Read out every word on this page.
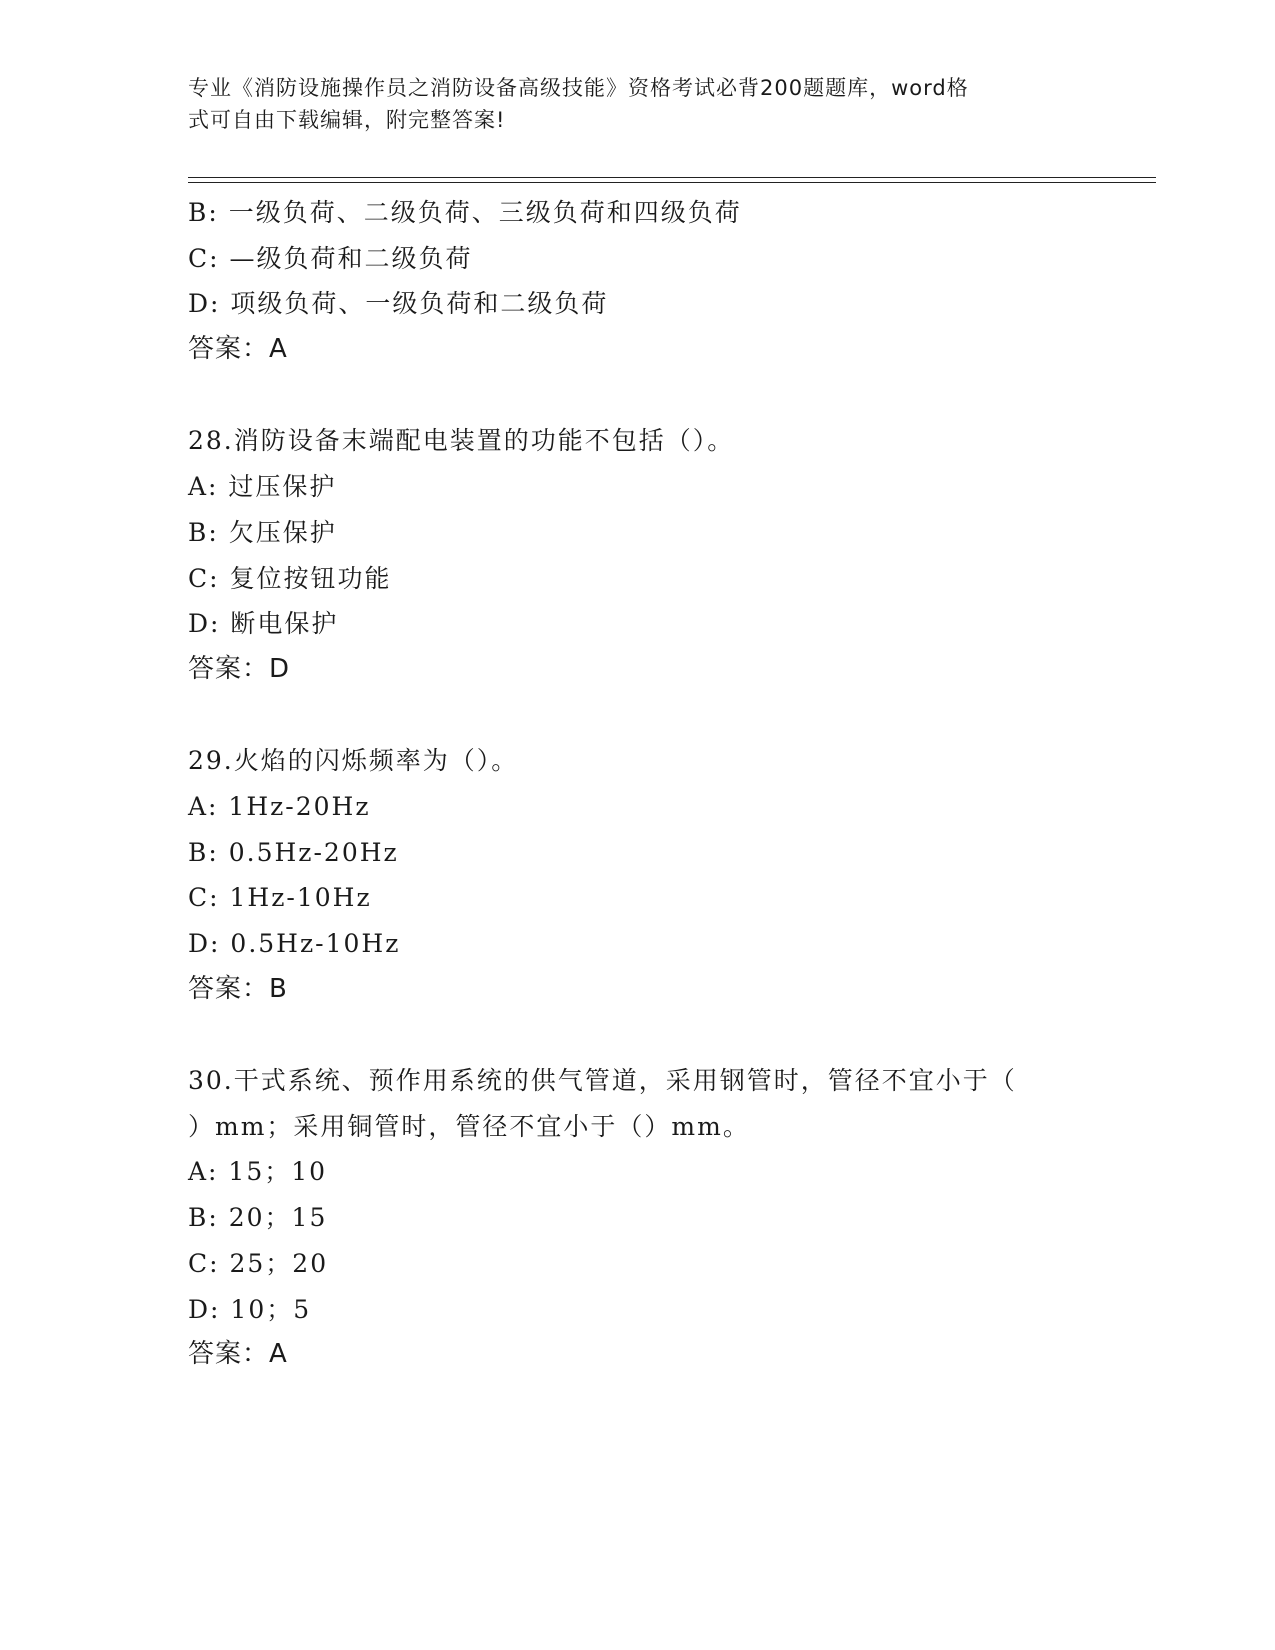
专业《消防设施操作员之消防设备高级技能》资格考试必背200题题库，word格
式可自由下载编辑，附完整答案!
B: 一级负荷、二级负荷、三级负荷和四级负荷
C: —级负荷和二级负荷
D: 项级负荷、一级负荷和二级负荷
答案：A
28.消防设备末端配电装置的功能不包括（）。
A: 过压保护
B: 欠压保护
C: 复位按钮功能
D: 断电保护
答案：D
29.火焰的闪烁频率为（）。
A: 1Hz-20Hz
B: 0.5Hz-20Hz
C: 1Hz-10Hz
D: 0.5Hz-10Hz
答案：B
30.干式系统、预作用系统的供气管道，采用钢管时，管径不宜小于（
）mm；采用铜管时，管径不宜小于（）mm。
A: 15；10
B: 20；15
C: 25；20
D: 10；5
答案：A
